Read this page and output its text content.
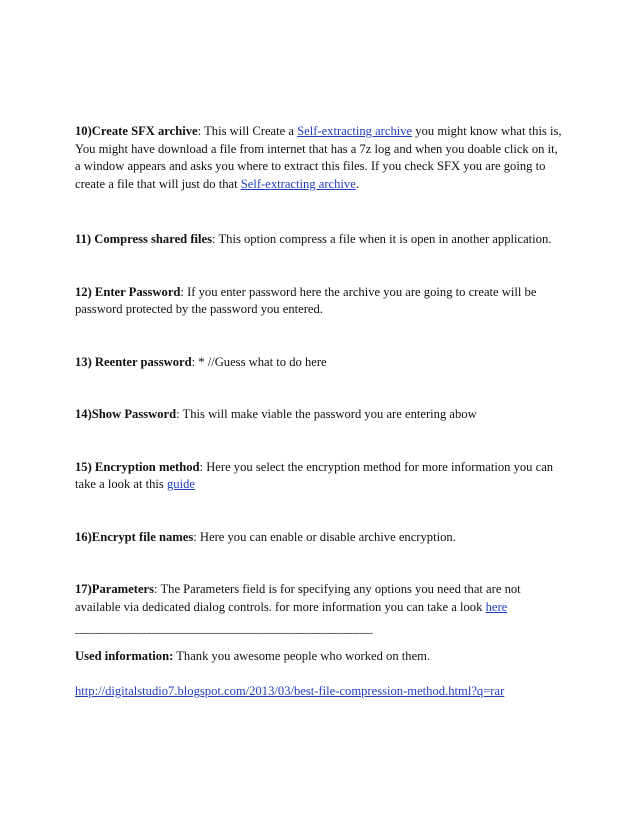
10)Create SFX archive: This will Create a Self-extracting archive you might know what this is, You might have download a file from internet that has a 7z log and when you doable click on it, a window appears and asks you where to extract this files. If you check SFX you are going to create a file that will just do that Self-extracting archive.

11) Compress shared files: This option compress a file when it is open in another application.

12) Enter Password: If you enter password here the archive you are going to create will be password protected by the password you entered.

13) Reenter password: * //Guess what to do here

14)Show Password: This will make viable the password you are entering abow

15) Encryption method: Here you select the encryption method for more information you can take a look at this guide

16)Encrypt file names: Here you can enable or disable archive encryption.

17)Parameters: The Parameters field is for specifying any options you need that are not available via dedicated dialog controls. for more information you can take a look here

________________________________________________________

Used information: Thank you awesome people who worked on them.

http://digitalstudio7.blogspot.com/2013/03/best-file-compression-method.html?q=rar
